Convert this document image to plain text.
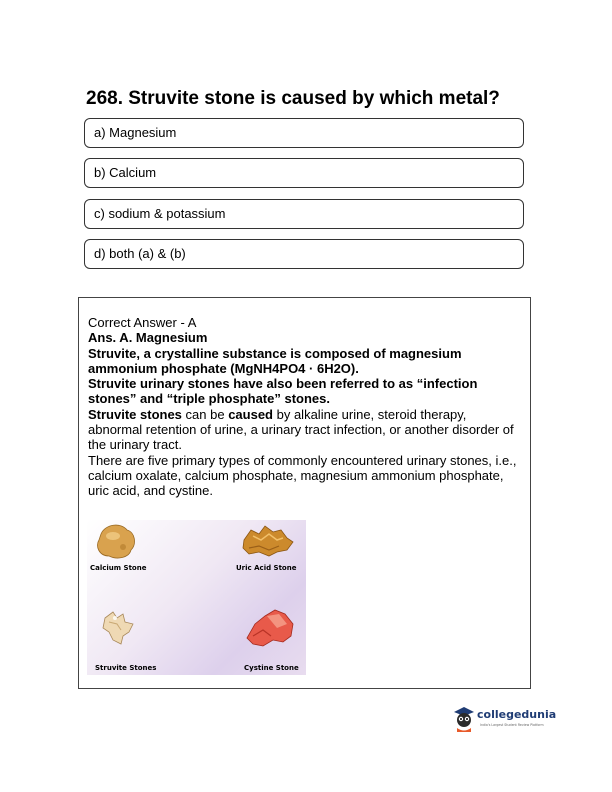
268. Struvite stone is caused by which metal?
a) Magnesium
b) Calcium
c) sodium & potassium
d) both (a) & (b)

Correct Answer - A

Ans. A. Magnesium

Struvite, a crystalline substance is composed of magnesium ammonium phosphate (MgNH4PO4 · 6H2O).

Struvite urinary stones have also been referred to as “infection stones” and “triple phosphate” stones.

Struvite stones can be caused by alkaline urine, steroid therapy, abnormal retention of urine, a urinary tract infection, or another disorder of the urinary tract.

There are five primary types of commonly encountered urinary stones, i.e., calcium oxalate, calcium phosphate, magnesium ammonium phosphate, uric acid, and cystine.

Calcium Stone	Uric Acid Stone
Struvite Stones	Cystine Stone
collegedunia
India's Largest Student Review Platform
